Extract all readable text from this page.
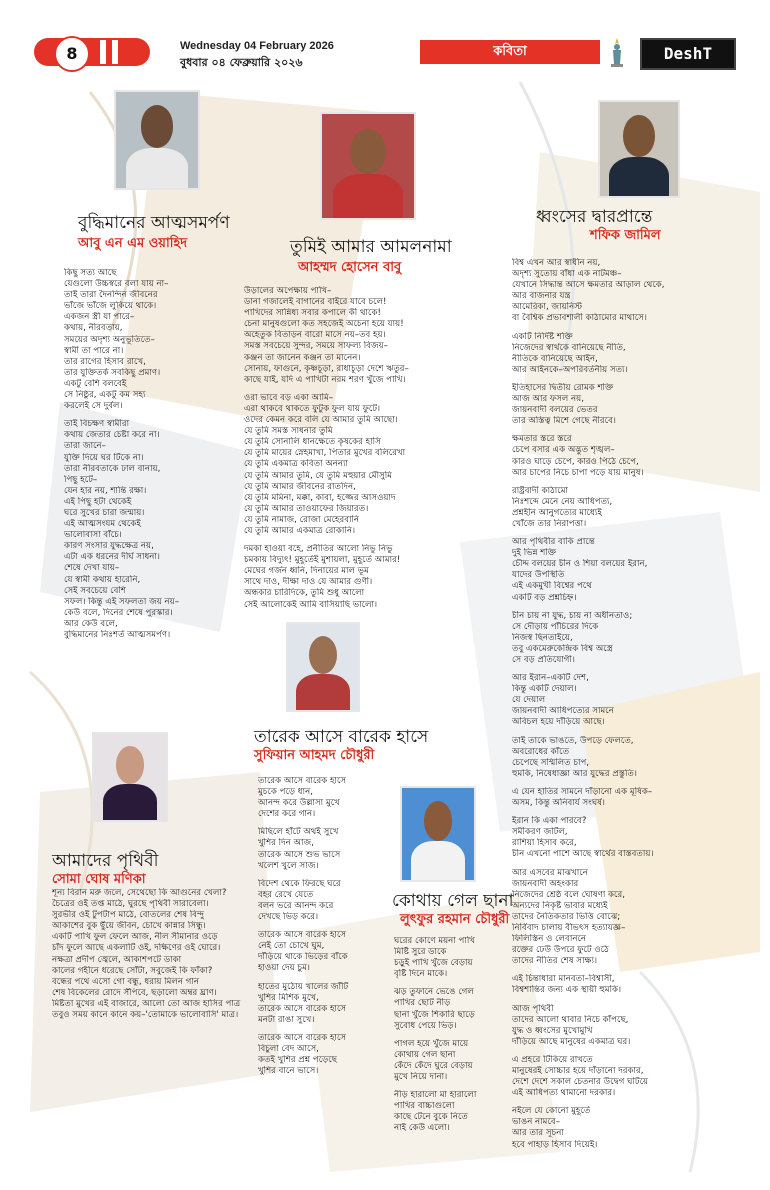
8	Wednesday 04 February 2026
বুধবার ০৪ ফেব্রুয়ারি ২০২৬
কবিতা	DeshT
বুদ্ধিমানের আত্মসমর্পণ
আবু এন এম ওয়াহিদ
কিছু সত্য আছে
যেগুলো উচ্চস্বরে বলা যায় না–
তাই তারা দৈনন্দিন জীবনের
ভাঁজে ভাঁজে লুকিয়ে থাকে।
একজন স্ত্রী যা পারে–
কথায়, নীরবতায়,
সময়ের অদৃশ্য অনুভূতিতে–
স্বামী তা পারে না।
তার রাগের হিসাব রাখে,
তার যুক্তিতর্ক সবকিছু প্রমাণ।
একটু বেশি বলবেই
সে নিষ্ঠুর, একটু কম সহ্য
করলেই সে দুর্বল।
তাই বিচক্ষণ স্বামীরা
কথায় জেতার চেষ্টা করে না।
তারা জানে–
যুক্তি দিয়ে ঘর টিকে না।
তারা নীরবতাকে ঢাল বানায়,
পিছু হটে–
যেন হার নয়, শান্তি রক্ষা।
এই পিছু হটা থেকেই
ঘরে সুখের চারা জন্মায়।
এই আত্মসংযম থেকেই
ভালোবাসা বাঁচে।
কারণ সংসার যুদ্ধক্ষেত্র নয়,
এটা এক ধরনের দীর্ঘ সাধনা।
শেষে দেখা যায়–
যে স্বামী কথায় হারেনি,
সেই সবচেয়ে বেশি
সফল। কিন্তু এই সফলতা জয় নয়–
কেউ বলে, দিনের শেষে পুরস্কার।
আর কেউ বলে,
বুদ্ধিমানের নিঃশর্ত আত্মসমর্পণ।
তুমিই আমার আমলনামা
আহম্মদ হোসেন বাবু
উড়ালের অপেক্ষায় পাখি–
ডানা গজালেই বাগানের বাইরে যাবে চলে!
পাখিদের সান্নিধ্য সবার কপালে কী থাকে!
চেনা মানুষগুলো কত সহজেই অচেনা হয়ে যায়!
অহেতুক বিতাড়ন বারো মাসে নয়–তব হয়।
সমস্ত সবচেয়ে সুন্দর, সময়ে সাফল্য বিজয়–
কঞ্জন তা জানেন কঞ্জন তা মানেন।
সোনায়, ফাগুনে, কৃষ্ণচূড়া, রাধাচূড়া দেশে ঋতুর–
কাছে যাই, যদি এ পাখিটা নরম শরণ খুঁজে পাখি।
ওরা ভাবে বড় একা আমি–
এরা থাকবে থাকতে ফুটুক ফুল যায় ফুটে।
ওদের কেমন করে বলি যে আমার তুমি আছো।
যে তুমি সমস্ত সাধনার তুমি
যে তুমি সোনালি ধানক্ষেতে কৃষকের হাসি
যে তুমি মায়ের স্নেহমাখা, পিতার মুখের বলিরেখা
যে তুমি একমাত্র কবিতা অনন্যা
যে তুমি আমার তুমি, যে তুমি মহুয়ার মৌসুমি
যে তুমি আমার জীবনের রাতদিন,
যে তুমি মমিনা, মক্কা, কাবা, হজ্জের আসওয়াদ
যে তুমি আমার তাওয়াফের জিয়ারত।
যে তুমি নামাজ, রোজা মেহেরবানি
যে তুমি আমার একমাত্র রোকানি।
দমকা হাওয়া বহে, প্রনীতির আলো নিভু নিভু
চমকায় বিদ্যুৎ! মুহূর্তেই মুশায়লা, মুহূর্তে আমার!
মেঘের গর্জন ধ্বনি, দিনায়ের মাল ভূম
সাথে দাও, দীক্ষা দাও যে আমার গুণী।
অন্ধকার চারিদিকে, তুমি শুধু আলো
সেই আলোকেই আমি বাসিয়াছি ভালো।
ধ্বংসের দ্বারপ্রান্তে
শফিক জামিল
বিশ্ব এখন আর স্বাধীন নয়,
অদৃশ্য সুতোয় বাঁধা এক নাটমঞ্চ–
যেখানে সিদ্ধান্ত আসে ক্ষমতার আড়াল থেকে,
আর বাজনার যন্ত্র
আমেরিকা, জায়নিস্ট
বা বৈশ্বিক প্রভাবশালী কাঠামোর মাথাসে।
একটি নির্দিষ্ট শক্তি
নিজেদের স্বার্থকে বানিয়েছে নীতি,
নীতিকে বানিয়েছে আইন,
আর আইনকে–অপরিবর্তনীয় সত্য।
ইতিহাসের দ্বিতীয় রোমক শক্তি
আজ আর ফসল নয়,
জায়নবাদী বলয়ের ভেতর
তার অস্তিত্ব মিশে গেছে নীরবে।
ক্ষমতার স্তরে স্তরে
চেপে বসার এক অদ্ভুত শৃঙ্খল–
কারও ঘাড়ে চেপে, কারও পিঠে চেপে,
আর চাপের নিচে চাপা পড়ে যায় মানুষ।
রাষ্ট্রবাদী কাঠামো
নিঃশব্দে মেনে নেয় আধিপত্য,
প্রশ্নহীন আনুগত্যের মাধ্যেই
খোঁজে তার নিরাপত্তা।
আর পৃথিবীর বাকি প্রান্তে
দুই ভিন্ন শক্তি
চৌদ্দ বলয়ের চীন ও শিয়া বলয়ের ইরান,
যাদের উপস্থিতি
এই একমুখী বিশ্বের পথে
একটি বড় প্রশ্নচিহ্ন।
চীন চায় না যুদ্ধ, চায় না অধীনতাও;
সে দৌড়ায় পাঁচিরের দিকে
নিজস্ব ছিনতাইয়ে,
তবু একমেরুকেন্দ্রিক বিশ্ব অস্ত্রে
সে বড় প্রতিযোগী।
আর ইরান–একটি দেশ,
কিন্তু একটি দেয়াল।
যে দেয়াল
জায়নবাদী আধিপত্যের সামনে
অবিচল হয়ে দাঁড়িয়ে আছে।
তাই তাকে ভাঙতে, উপড়ে ফেলতে,
অবরোধের কাঁতে
চেপেছে সম্মিলিত চাপ,
হুমকি, নিষেধাজ্ঞা আর যুদ্ধের প্রস্তুতি।
এ যেন হাতির সামনে দাঁড়ানো এক মূষিক–
অসম, কিন্তু অনিবার্য সংঘর্ষ।
ইরান কি একা পারবে?
সমীকরণ জটিল,
রাশিয়া হিসাব করে,
চীন এখনো পাশে আছে স্বার্থের বাস্তবতায়।
আর এসবের মাঝখানে
জায়নবাদী অহংকার
নিজেদের শ্রেষ্ঠ বলে ঘোষণা করে,
অন্যদের নিকৃষ্ট ভাবার মধ্যেই
তাদের নৈতিকতার ভিত্তি বোঝে;
নির্বিবাদ চালায় বীভৎস হত্যাযজ্ঞ–
ফিলিস্তিন ও লেবাননে
রক্তের ঢেউ উপরে ফুটে ওঠে
তাদের নীতির শেষ সাক্ষ্য।
এই চিন্তাধারা মানবতা–বিশ্বাসী,
বিশ্বশান্তির জন্য এক স্থায়ী হুমকি।
আজ পৃথিবী
তাদের আলো থাবার নিচে কাঁপছে,
যুদ্ধ ও ধ্বংসের মুখোমুখি
দাঁড়িয়ে আছে মানুষের একমাত্র ঘর।
এ প্রহরে টিকিয়ে রাখতে
মানুষেরই সোচ্চার হয়ে দাঁড়ানো দরকার,
দেশে দেশে সকাল চেতনার উদ্বেগ ঘটিয়ে
এই আধিপত্য থামানো দরকার।
নইলে যে কোনো মুহূর্তে
ভাঙন নামবে–
আর তার সূচনা
হবে পাহাড় হিসাব দিয়েই।
তারেক আসে বারেক হাসে
সুফিয়ান আহমদ চৌধুরী
তারেক আসে বারেক হাসে
মুচকে পড়ে ধান,
আনন্দ করে উল্লাসা মুখে
দেশের করে গান।
মিছিলে হাঁটে অথই সুখে
খুশির দিন আজ,
তারেক আসে শুভ ভাসে
খলেশ খুলে সাজ।
বিদেশ থেকে ফিরছে ঘরে
বহর রেখে যেতে
বলন ভরে আনন্দ করে
দেখছে ভিড় করে।
তারেক আসে বারেক হাসে
নেই তো চোখে ঘুম,
দাঁড়িয়ে থাকে ভিড়ের বাঁকে
হাওয়া দেয় চুম।
হাতের মুঠোয় খালের জাঁটি
খুশির মিশিক মুখে,
তারেক আসে বারেক হাসে
মনটা রাঙা সুখে।
তারেক আসে বারেক হাসে
বিচুলা বেদ আসে,
কতই খুশির প্রশ্ন পড়েছে
খুশির বানে ভাসে।
আমাদের পৃথিবী
সোমা ঘোষ মণিকা
শূন্য বিরান মরু জলে, সেথেছো কি আগুনের খেলা?
চৈত্রের ওই তপ্ত মাঠে, ঘুরছে পৃথিবী সারাবেলা।
সুরভীর ওই টুপটাপ মাঠে, বোতলের শেষ বিন্দু
আকাশের বুক ছুঁয়ে জীবন, চোখে কান্নার সিন্ধু।
একটি পাখি ফুল ফেলে আজ, নীল সীমানার ওড়ে
চাঁদ ফুলে আছে একলাটি ওই, দক্ষিণের ওই ঘোরে।
নক্ষত্রা প্রদীপ জ্বেলে, আকাশপটে ডাকা
কালের গহীনে ধরেছে সোঁটা, সবুজেই কি ফাঁকা?
বন্ধের পথে এসো গো বন্ধু, ধরায় মিলন গান
শেষ বিকেলের রোদে সঁপিবে, ছড়ালো অম্বর ঘ্রাণ।
মিষ্টতা মুখের এই বাজারে, আলো তো আজ হাসির পাত্র
তবুও সময় কানে কানে কয়–'তোমাকে ভালোবাসি' মাত্র।
কোথায় গেল ছানা
লুৎফুর রহমান চৌধুরী
ঘরের কোণে ময়না পাখি
মিষ্টি সুরে ডাকে
চড়ুই পাখি খুঁজে বেড়ায়
বৃষ্টি দিনে মাকে।
ঝড় তুফানে ভেঙে গেল
পাখির ছোট নীড়
ছানা খুঁজে শিকারি ছাড়ে
সুবোধ পেয়ে ভিড়।
পাগল হয়ে খুঁজে মায়ে
কোথায় গেল ছানা
কেঁদে কেঁদে ঘুরে বেড়ায়
মুখে নিয়ে দানা।
নীড় হারালো মা হারালো
পাখির বাচ্চাগুলো
কাছে টেনে বুকে নিতে
নাই কেউ এলো।
